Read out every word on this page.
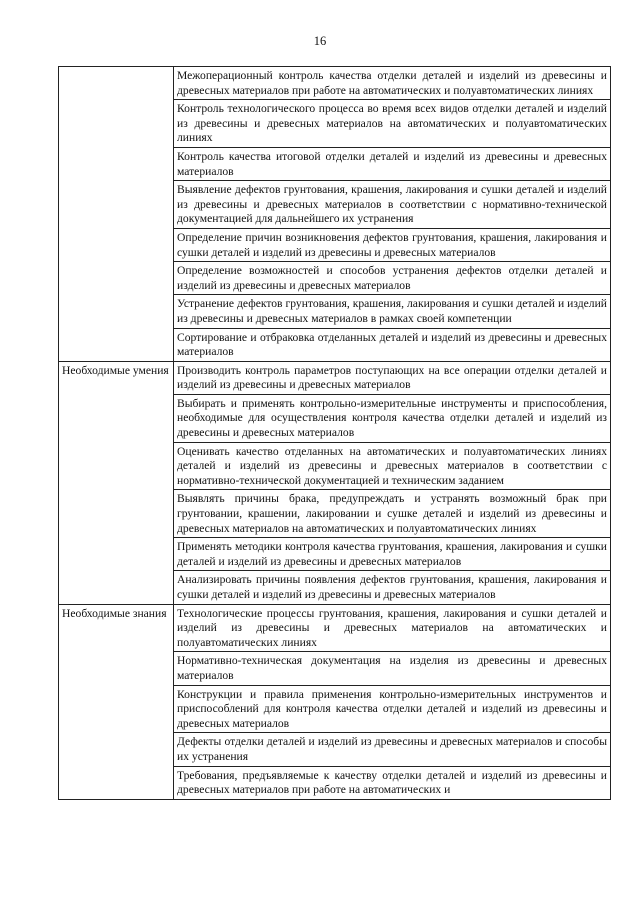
16
	Межоперационный контроль качества отделки деталей и изделий из древесины и древесных материалов при работе на автоматических и полуавтоматических линиях
	Контроль технологического процесса во время всех видов отделки деталей и изделий из древесины и древесных материалов на автоматических и полуавтоматических линиях
	Контроль качества итоговой отделки деталей и изделий из древесины и древесных материалов
	Выявление дефектов грунтования, крашения, лакирования и сушки деталей и изделий из древесины и древесных материалов в соответствии с нормативно-технической документацией для дальнейшего их устранения
	Определение причин возникновения дефектов грунтования, крашения, лакирования и сушки деталей и изделий из древесины и древесных материалов
	Определение возможностей и способов устранения дефектов отделки деталей и изделий из древесины и древесных материалов
	Устранение дефектов грунтования, крашения, лакирования и сушки деталей и изделий из древесины и древесных материалов в рамках своей компетенции
	Сортирование и отбраковка отделанных деталей и изделий из древесины и древесных материалов
Необходимые умения	Производить контроль параметров поступающих на все операции отделки деталей и изделий из древесины и древесных материалов
	Выбирать и применять контрольно-измерительные инструменты и приспособления, необходимые для осуществления контроля качества отделки деталей и изделий из древесины и древесных материалов
	Оценивать качество отделанных на автоматических и полуавтоматических линиях деталей и изделий из древесины и древесных материалов в соответствии с нормативно-технической документацией и техническим заданием
	Выявлять причины брака, предупреждать и устранять возможный брак при грунтовании, крашении, лакировании и сушке деталей и изделий из древесины и древесных материалов на автоматических и полуавтоматических линиях
	Применять методики контроля качества грунтования, крашения, лакирования и сушки деталей и изделий из древесины и древесных материалов
	Анализировать причины появления дефектов грунтования, крашения, лакирования и сушки деталей и изделий из древесины и древесных материалов
Необходимые знания	Технологические процессы грунтования, крашения, лакирования и сушки деталей и изделий из древесины и древесных материалов на автоматических и полуавтоматических линиях
	Нормативно-техническая документация на изделия из древесины и древесных материалов
	Конструкции и правила применения контрольно-измерительных инструментов и приспособлений для контроля качества отделки деталей и изделий из древесины и древесных материалов
	Дефекты отделки деталей и изделий из древесины и древесных материалов и способы их устранения
	Требования, предъявляемые к качеству отделки деталей и изделий из древесины и древесных материалов при работе на автоматических и
